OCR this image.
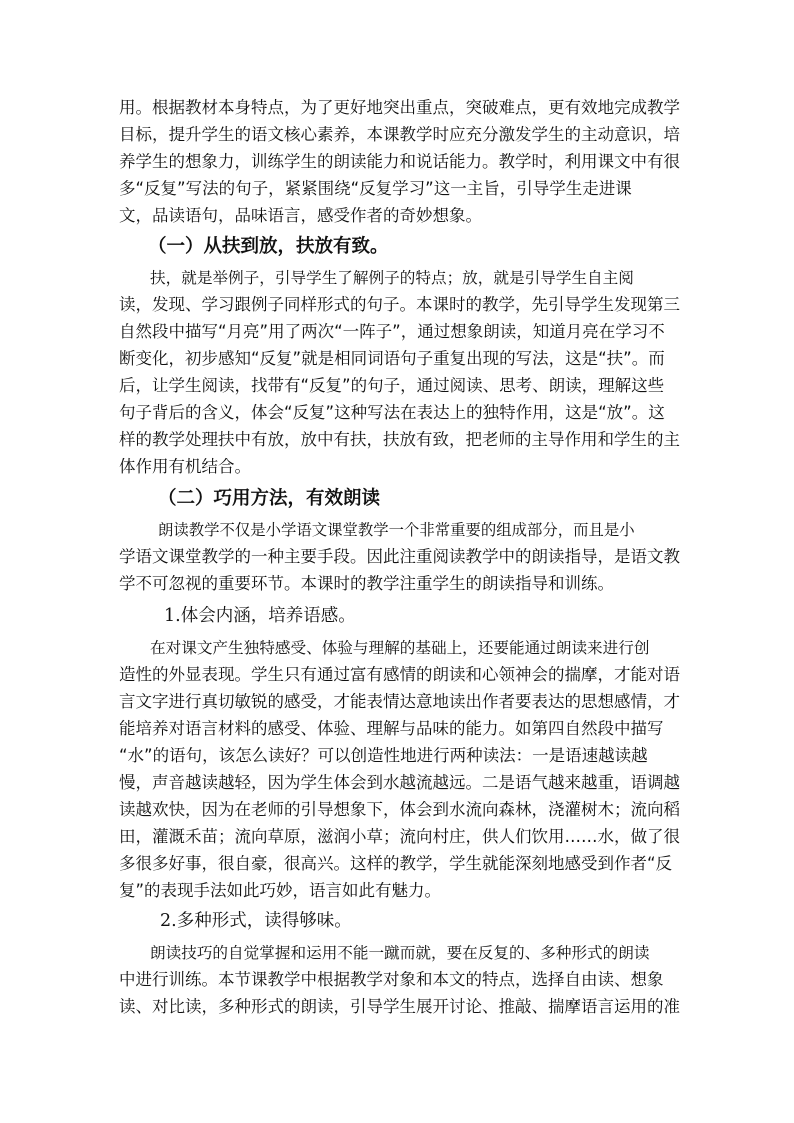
用。根据教材本身特点，为了更好地突出重点，突破难点，更有效地完成教学
目标，提升学生的语文核心素养，本课教学时应充分激发学生的主动意识，培
养学生的想象力，训练学生的朗读能力和说话能力。教学时，利用课文中有很
多“反复”写法的句子，紧紧围绕“反复学习”这一主旨，引导学生走进课
文，品读语句，品味语言，感受作者的奇妙想象。
（一）从扶到放，扶放有致。
扶，就是举例子，引导学生了解例子的特点；放，就是引导学生自主阅
读，发现、学习跟例子同样形式的句子。本课时的教学，先引导学生发现第三
自然段中描写“月亮”用了两次“一阵子”，通过想象朗读，知道月亮在学习不
断变化，初步感知“反复”就是相同词语句子重复出现的写法，这是“扶”。而
后，让学生阅读，找带有“反复”的句子，通过阅读、思考、朗读，理解这些
句子背后的含义，体会“反复”这种写法在表达上的独特作用，这是“放”。这
样的教学处理扶中有放，放中有扶，扶放有致，把老师的主导作用和学生的主
体作用有机结合。
（二）巧用方法，有效朗读
朗读教学不仅是小学语文课堂教学一个非常重要的组成部分，而且是小
学语文课堂教学的一种主要手段。因此注重阅读教学中的朗读指导，是语文教
学不可忽视的重要环节。本课时的教学注重学生的朗读指导和训练。
1.体会内涵，培养语感。
在对课文产生独特感受、体验与理解的基础上，还要能通过朗读来进行创
造性的外显表现。学生只有通过富有感情的朗读和心领神会的揣摩，才能对语
言文字进行真切敏锐的感受，才能表情达意地读出作者要表达的思想感情，才
能培养对语言材料的感受、体验、理解与品味的能力。如第四自然段中描写
“水”的语句，该怎么读好？可以创造性地进行两种读法：一是语速越读越
慢，声音越读越轻，因为学生体会到水越流越远。二是语气越来越重，语调越
读越欢快，因为在老师的引导想象下，体会到水流向森林，浇灌树木；流向稻
田，灌溉禾苗；流向草原，滋润小草；流向村庄，供人们饮用……水，做了很
多很多好事，很自豪，很高兴。这样的教学，学生就能深刻地感受到作者“反
复”的表现手法如此巧妙，语言如此有魅力。
2.多种形式，读得够味。
朗读技巧的自觉掌握和运用不能一蹴而就，要在反复的、多种形式的朗读
中进行训练。本节课教学中根据教学对象和本文的特点，选择自由读、想象
读、对比读，多种形式的朗读，引导学生展开讨论、推敲、揣摩语言运用的准
